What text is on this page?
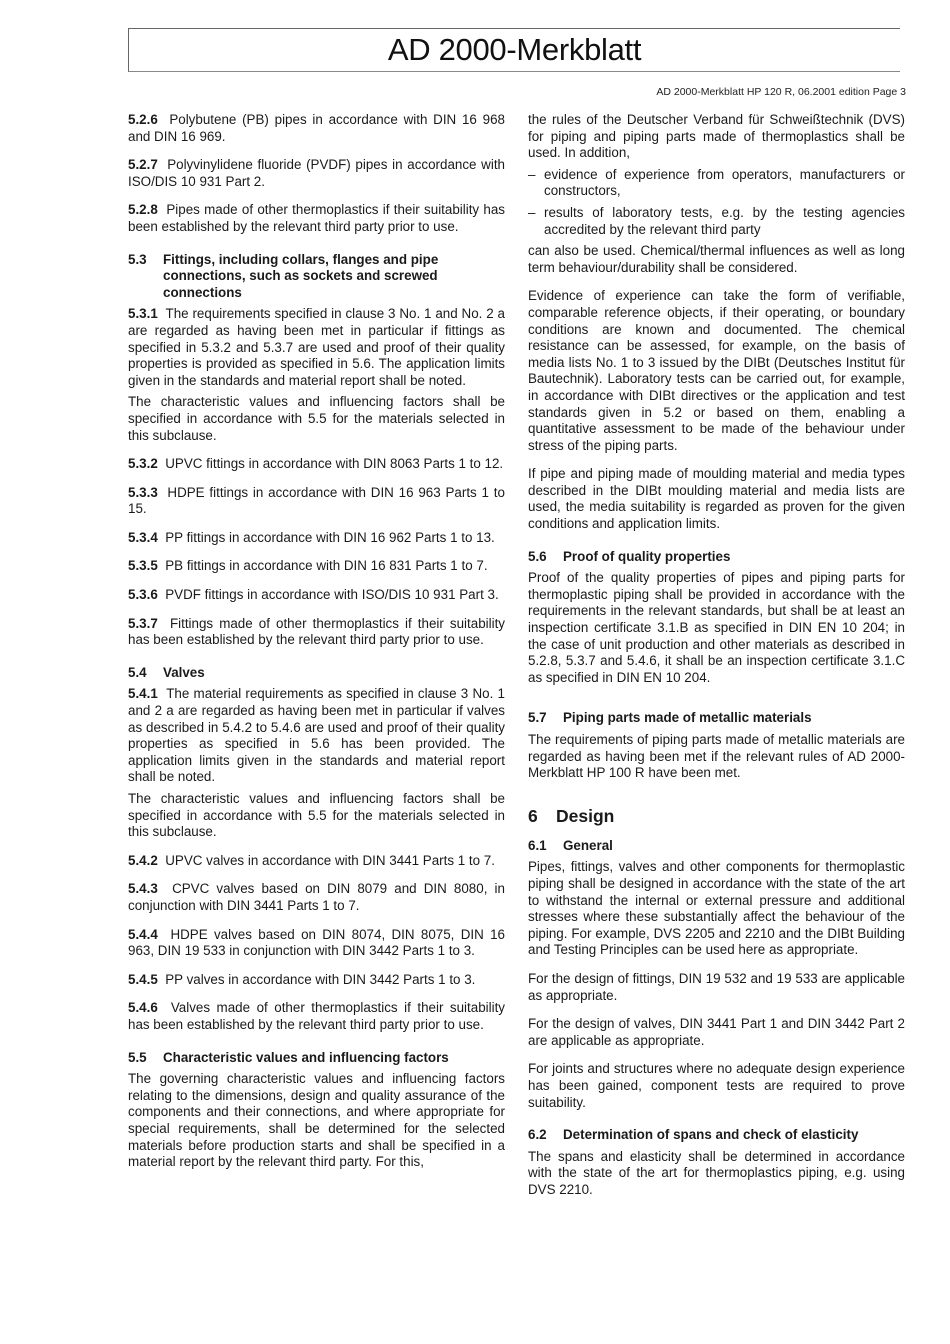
AD 2000-Merkblatt
AD 2000-Merkblatt HP 120 R, 06.2001 edition Page 3

5.2.6 Polybutene (PB) pipes in accordance with DIN 16 968 and DIN 16 969.

5.2.7 Polyvinylidene fluoride (PVDF) pipes in accordance with ISO/DIS 10 931 Part 2.

5.2.8 Pipes made of other thermoplastics if their suitability has been established by the relevant third party prior to use.

5.3	Fittings, including collars, flanges and pipe connections, such as sockets and screwed connections

5.3.1 The requirements specified in clause 3 No. 1 and No. 2 a are regarded as having been met in particular if fittings as specified in 5.3.2 and 5.3.7 are used and proof of their quality properties is provided as specified in 5.6. The application limits given in the standards and material report shall be noted.

The characteristic values and influencing factors shall be specified in accordance with 5.5 for the materials selected in this subclause.

5.3.2 UPVC fittings in accordance with DIN 8063 Parts 1 to 12.

5.3.3 HDPE fittings in accordance with DIN 16 963 Parts 1 to 15.

5.3.4 PP fittings in accordance with DIN 16 962 Parts 1 to 13.

5.3.5 PB fittings in accordance with DIN 16 831 Parts 1 to 7.

5.3.6 PVDF fittings in accordance with ISO/DIS 10 931 Part 3.

5.3.7 Fittings made of other thermoplastics if their suitability has been established by the relevant third party prior to use.

5.4	Valves

5.4.1 The material requirements as specified in clause 3 No. 1 and 2 a are regarded as having been met in particular if valves as described in 5.4.2 to 5.4.6 are used and proof of their quality properties as specified in 5.6 has been provided. The application limits given in the standards and material report shall be noted.

The characteristic values and influencing factors shall be specified in accordance with 5.5 for the materials selected in this subclause.

5.4.2 UPVC valves in accordance with DIN 3441 Parts 1 to 7.

5.4.3 CPVC valves based on DIN 8079 and DIN 8080, in conjunction with DIN 3441 Parts 1 to 7.

5.4.4 HDPE valves based on DIN 8074, DIN 8075, DIN 16 963, DIN 19 533 in conjunction with DIN 3442 Parts 1 to 3.

5.4.5 PP valves in accordance with DIN 3442 Parts 1 to 3.

5.4.6 Valves made of other thermoplastics if their suitability has been established by the relevant third party prior to use.

5.5	Characteristic values and influencing factors

The governing characteristic values and influencing factors relating to the dimensions, design and quality assurance of the components and their connections, and where appropriate for special requirements, shall be determined for the selected materials before production starts and shall be specified in a material report by the relevant third party. For this,

the rules of the Deutscher Verband für Schweißtechnik (DVS) for piping and piping parts made of thermoplastics shall be used. In addition,

– evidence of experience from operators, manufacturers or constructors,
– results of laboratory tests, e.g. by the testing agencies accredited by the relevant third party

can also be used. Chemical/thermal influences as well as long term behaviour/durability shall be considered.

Evidence of experience can take the form of verifiable, comparable reference objects, if their operating, or boundary conditions are known and documented. The chemical resistance can be assessed, for example, on the basis of media lists No. 1 to 3 issued by the DIBt (Deutsches Institut für Bautechnik). Laboratory tests can be carried out, for example, in accordance with DIBt directives or the application and test standards given in 5.2 or based on them, enabling a quantitative assessment to be made of the behaviour under stress of the piping parts.

If pipe and piping made of moulding material and media types described in the DIBt moulding material and media lists are used, the media suitability is regarded as proven for the given conditions and application limits.

5.6	Proof of quality properties

Proof of the quality properties of pipes and piping parts for thermoplastic piping shall be provided in accordance with the requirements in the relevant standards, but shall be at least an inspection certificate 3.1.B as specified in DIN EN 10 204; in the case of unit production and other materials as described in 5.2.8, 5.3.7 and 5.4.6, it shall be an inspection certificate 3.1.C as specified in DIN EN 10 204.

5.7	Piping parts made of metallic materials

The requirements of piping parts made of metallic materials are regarded as having been met if the relevant rules of AD 2000-Merkblatt HP 100 R have been met.

6 Design
6.1	General

Pipes, fittings, valves and other components for thermoplastic piping shall be designed in accordance with the state of the art to withstand the internal or external pressure and additional stresses where these substantially affect the behaviour of the piping. For example, DVS 2205 and 2210 and the DIBt Building and Testing Principles can be used here as appropriate.

For the design of fittings, DIN 19 532 and 19 533 are applicable as appropriate.

For the design of valves, DIN 3441 Part 1 and DIN 3442 Part 2 are applicable as appropriate.

For joints and structures where no adequate design experience has been gained, component tests are required to prove suitability.

6.2	Determination of spans and check of elasticity

The spans and elasticity shall be determined in accordance with the state of the art for thermoplastics piping, e.g. using DVS 2210.
